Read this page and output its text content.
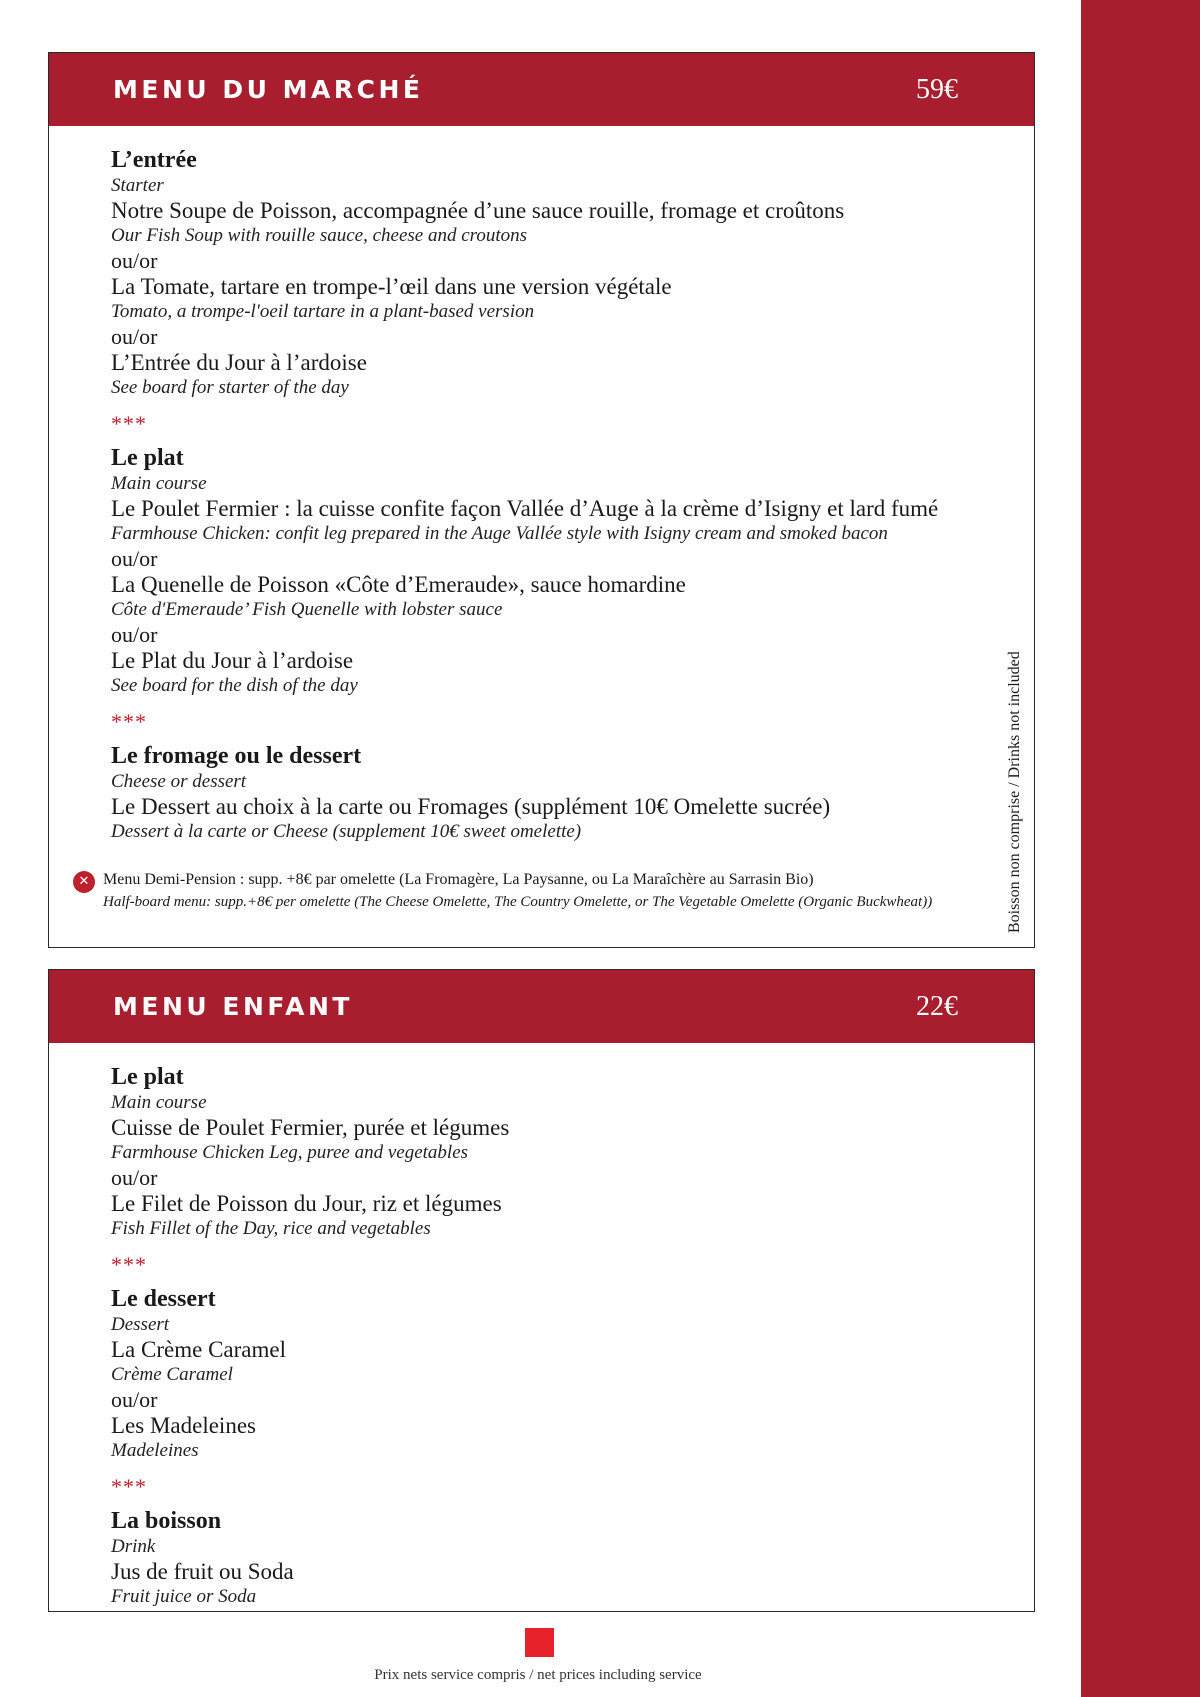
MENU DU MARCHÉ	59€
L’entrée
Starter
Notre Soupe de Poisson, accompagnée d’une sauce rouille, fromage et croûtons
Our Fish Soup with rouille sauce, cheese and croutons
ou/or
La Tomate, tartare en trompe-l’œil dans une version végétale
Tomato, a trompe-l'oeil tartare in a plant-based version
ou/or
L’Entrée du Jour à l’ardoise
See board for starter of the day
***
Le plat
Main course
Le Poulet Fermier : la cuisse confite façon Vallée d’Auge à la crème d’Isigny et lard fumé
Farmhouse Chicken: confit leg prepared in the Auge Vallée style with Isigny cream and smoked bacon
ou/or
La Quenelle de Poisson «Côte d’Emeraude», sauce homardine
Côte d'Emeraude’ Fish Quenelle with lobster sauce
ou/or
Le Plat du Jour à l’ardoise
See board for the dish of the day
***
Le fromage ou le dessert
Cheese or dessert
Le Dessert au choix à la carte ou Fromages (supplément 10€ Omelette sucrée)
Dessert à la carte or Cheese (supplement 10€ sweet omelette)
✕ Menu Demi-Pension : supp. +8€ par omelette (La Fromagère, La Paysanne, ou La Maraîchère au Sarrasin Bio)
Half-board menu: supp.+8€ per omelette (The Cheese Omelette, The Country Omelette, or The Vegetable Omelette (Organic Buckwheat))	Boisson non comprise / Drinks not included
MENU ENFANT	22€
Le plat
Main course
Cuisse de Poulet Fermier, purée et légumes
Farmhouse Chicken Leg, puree and vegetables
ou/or
Le Filet de Poisson du Jour, riz et légumes
Fish Fillet of the Day, rice and vegetables
***
Le dessert
Dessert
La Crème Caramel
Crème Caramel
ou/or
Les Madeleines
Madeleines
***
La boisson
Drink
Jus de fruit ou Soda
Fruit juice or Soda
Prix nets service compris / net prices including service
